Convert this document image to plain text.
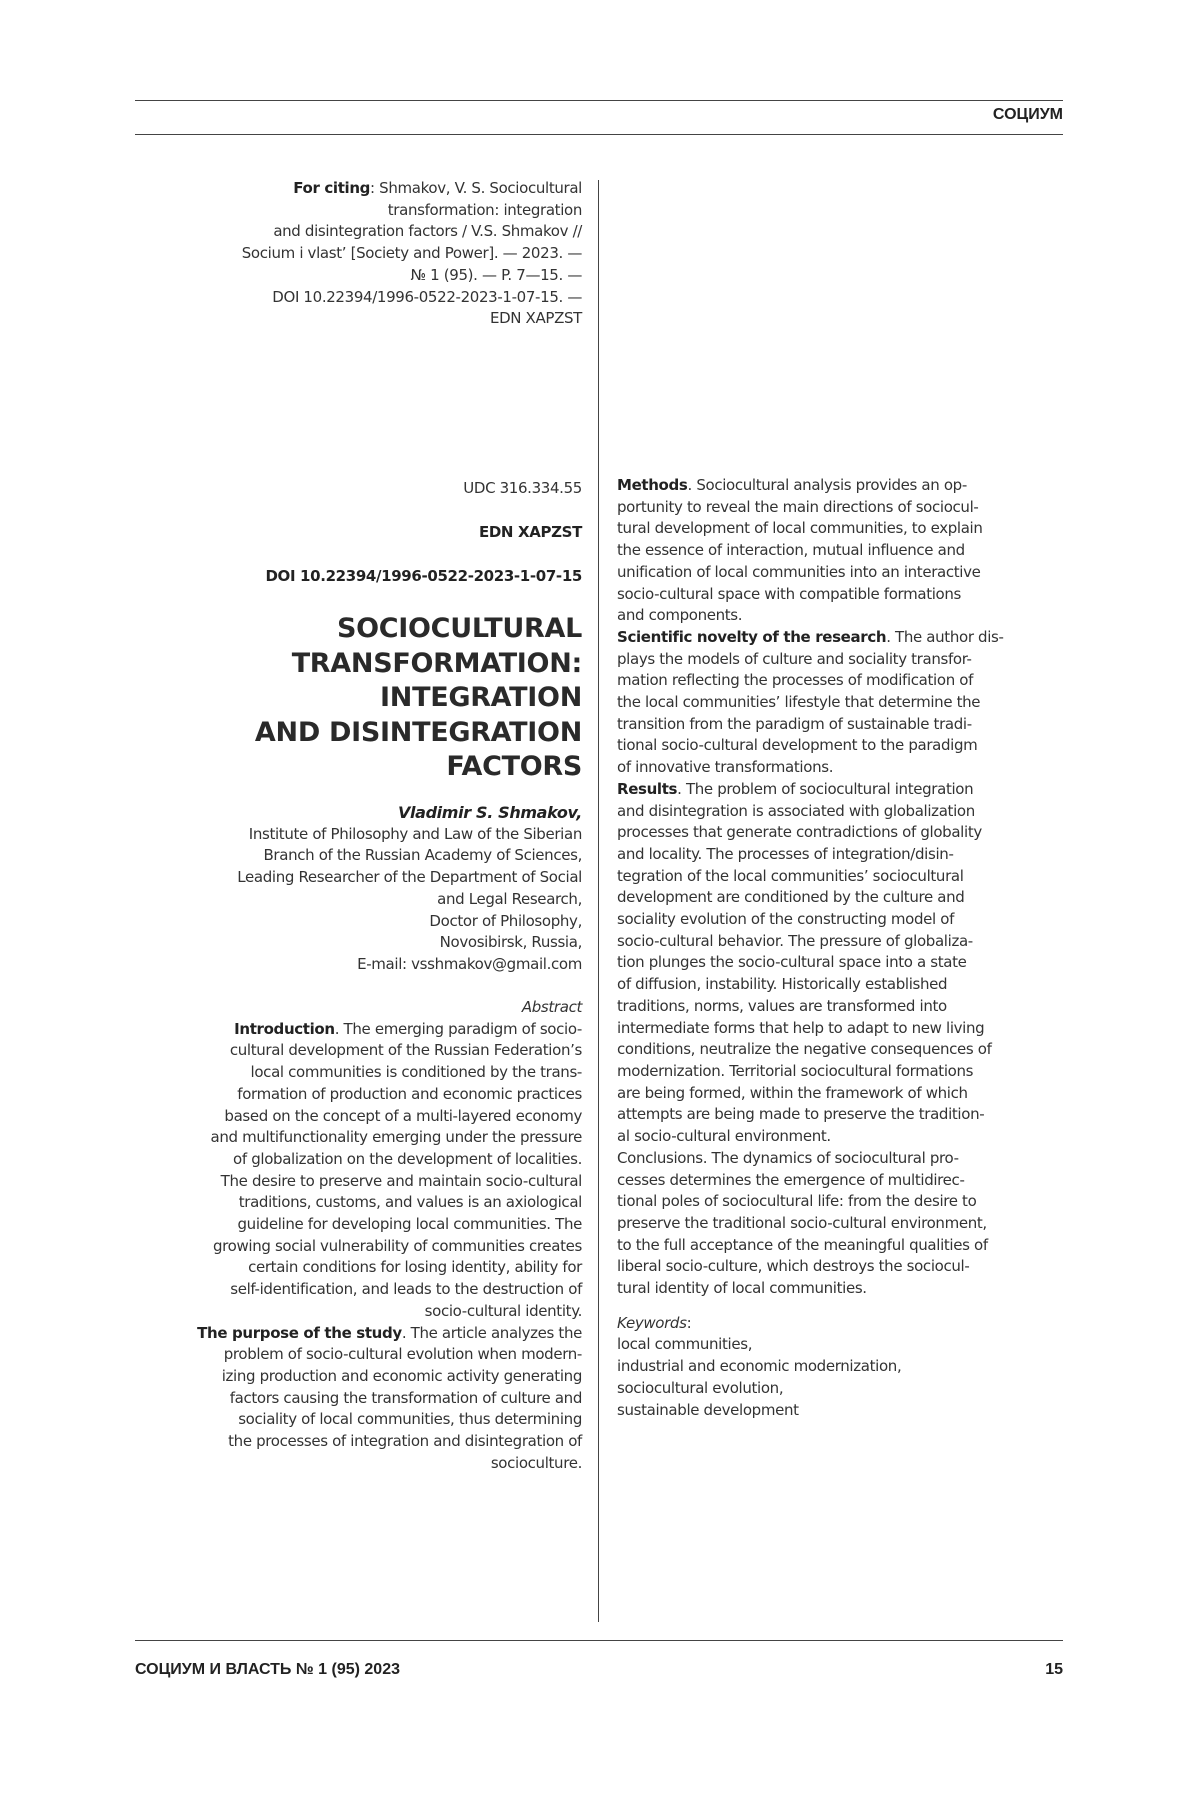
СОЦИУМ
For citing: Shmakov, V. S. Sociocultural
transformation: integration
and disintegration factors / V.S. Shmakov //
Socium i vlast’ [Society and Power]. — 2023. —
№ 1 (95). — P. 7—15. —
DOI 10.22394/1996-0522-2023-1-07-15. —
EDN XAPZST
UDC 316.334.55
EDN XAPZST
DOI 10.22394/1996-0522-2023-1-07-15
SOCIOCULTURAL
TRANSFORMATION:
INTEGRATION
AND DISINTEGRATION
FACTORS
Vladimir S. Shmakov,
Institute of Philosophy and Law of the Siberian
Branch of the Russian Academy of Sciences,
Leading Researcher of the Department of Social
and Legal Research,
Doctor of Philosophy,
Novosibirsk, Russia,
E-mail: vsshmakov@gmail.com
Abstract
Introduction. The emerging paradigm of socio-
cultural development of the Russian Federation’s
local communities is conditioned by the trans-
formation of production and economic practices
based on the concept of a multi-layered economy
and multifunctionality emerging under the pressure
of globalization on the development of localities.
The desire to preserve and maintain socio-cultural
traditions, customs, and values is an axiological
guideline for developing local communities. The
growing social vulnerability of communities creates
certain conditions for losing identity, ability for
self-identification, and leads to the destruction of
socio-cultural identity.
The purpose of the study. The article analyzes the
problem of socio-cultural evolution when modern-
izing production and economic activity generating
factors causing the transformation of culture and
sociality of local communities, thus determining
the processes of integration and disintegration of
socioculture.
Methods. Sociocultural analysis provides an op-
portunity to reveal the main directions of sociocul-
tural development of local communities, to explain
the essence of interaction, mutual influence and
unification of local communities into an interactive
socio-cultural space with compatible formations
and components.
Scientific novelty of the research. The author dis-
plays the models of culture and sociality transfor-
mation reflecting the processes of modification of
the local communities’ lifestyle that determine the
transition from the paradigm of sustainable tradi-
tional socio-cultural development to the paradigm
of innovative transformations.
Results. The problem of sociocultural integration
and disintegration is associated with globalization
processes that generate contradictions of globality
and locality. The processes of integration/disin-
tegration of the local communities’ sociocultural
development are conditioned by the culture and
sociality evolution of the constructing model of
socio-cultural behavior. The pressure of globaliza-
tion plunges the socio-cultural space into a state
of diffusion, instability. Historically established
traditions, norms, values are transformed into
intermediate forms that help to adapt to new living
conditions, neutralize the negative consequences of
modernization. Territorial sociocultural formations
are being formed, within the framework of which
attempts are being made to preserve the tradition-
al socio-cultural environment.
Conclusions. The dynamics of sociocultural pro-
cesses determines the emergence of multidirec-
tional poles of sociocultural life: from the desire to
preserve the traditional socio-cultural environment,
to the full acceptance of the meaningful qualities of
liberal socio-culture, which destroys the sociocul-
tural identity of local communities.
Keywords:
local communities,
industrial and economic modernization,
sociocultural evolution,
sustainable development
СОЦИУМ И ВЛАСТЬ № 1 (95) 2023	15
